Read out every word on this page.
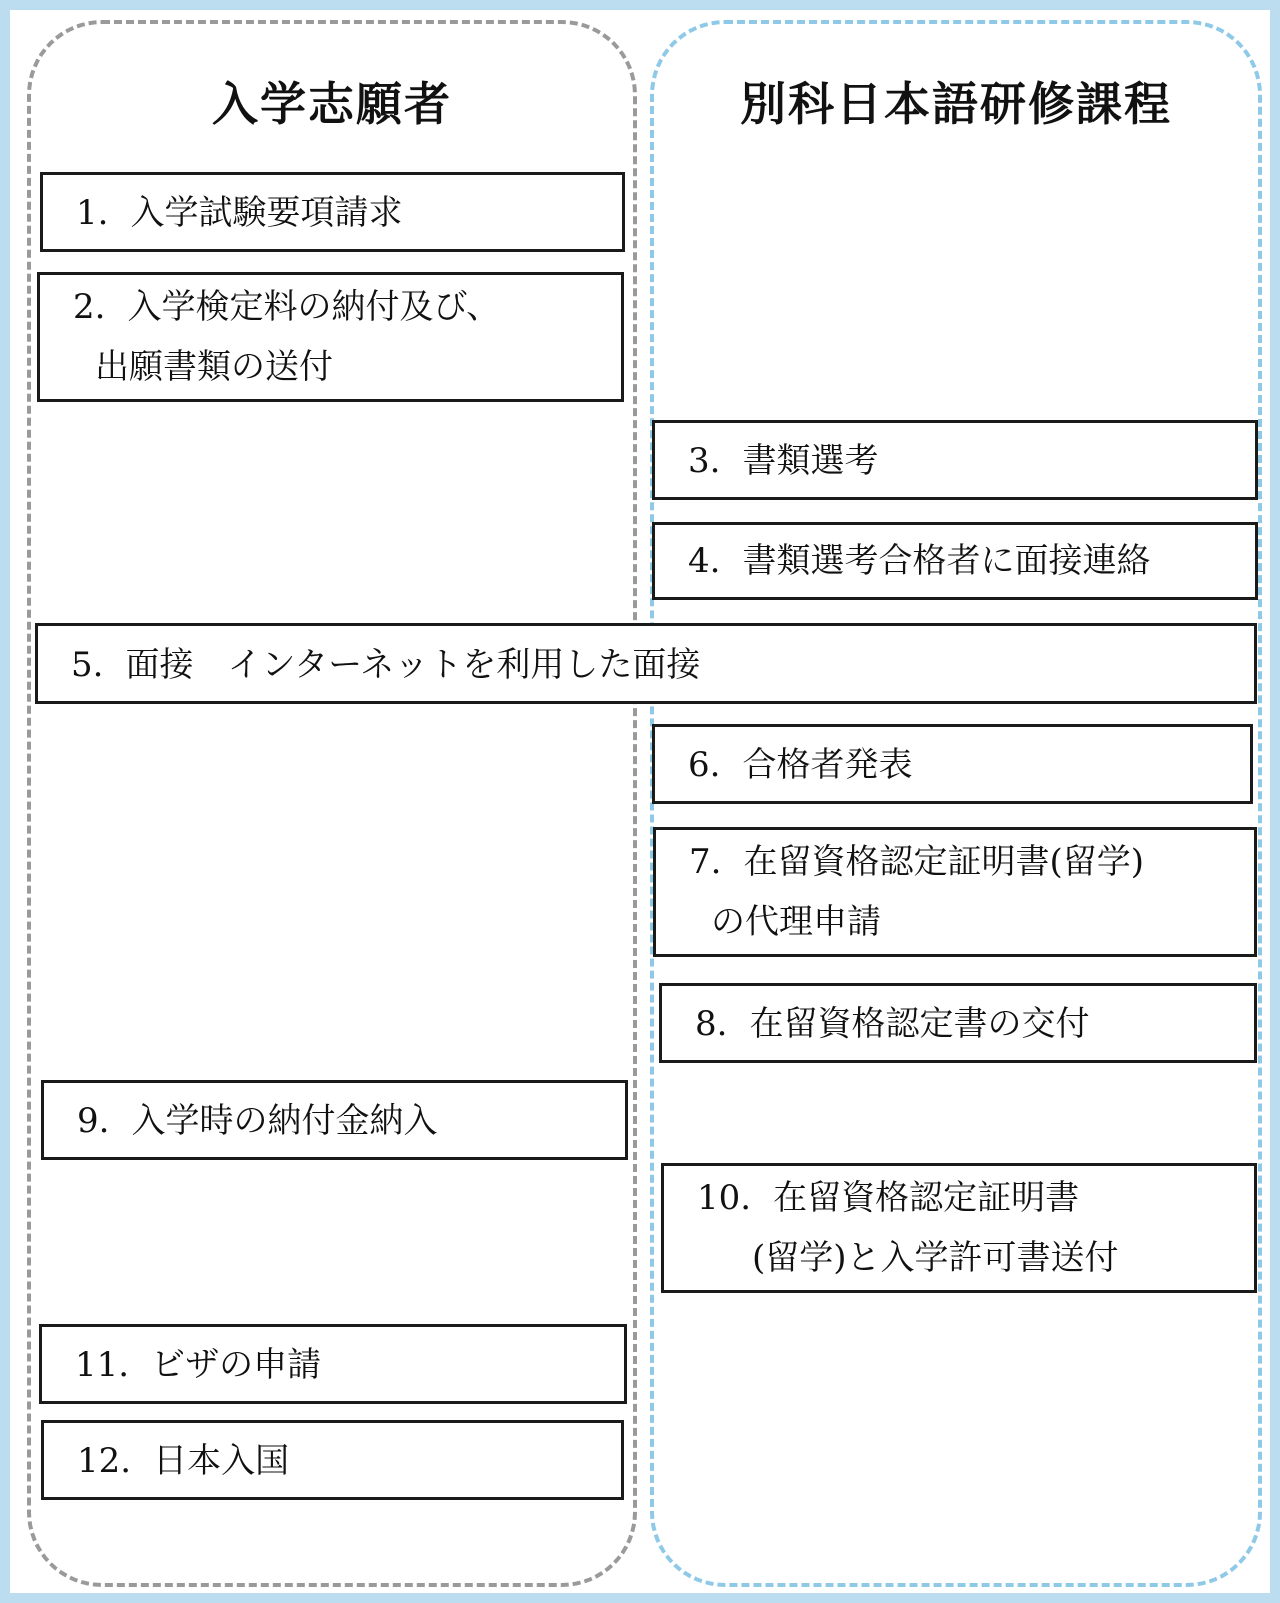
入学志願者	別科日本語研修課程
1. 入学試験要項請求
2. 入学検定料の納付及び、
出願書類の送付
3. 書類選考
4. 書類選考合格者に面接連絡
5. 面接　インターネットを利用した面接
6. 合格者発表
7. 在留資格認定証明書(留学)
の代理申請
8. 在留資格認定書の交付
9. 入学時の納付金納入
10. 在留資格認定証明書
(留学)と入学許可書送付
11. ビザの申請
12. 日本入国
